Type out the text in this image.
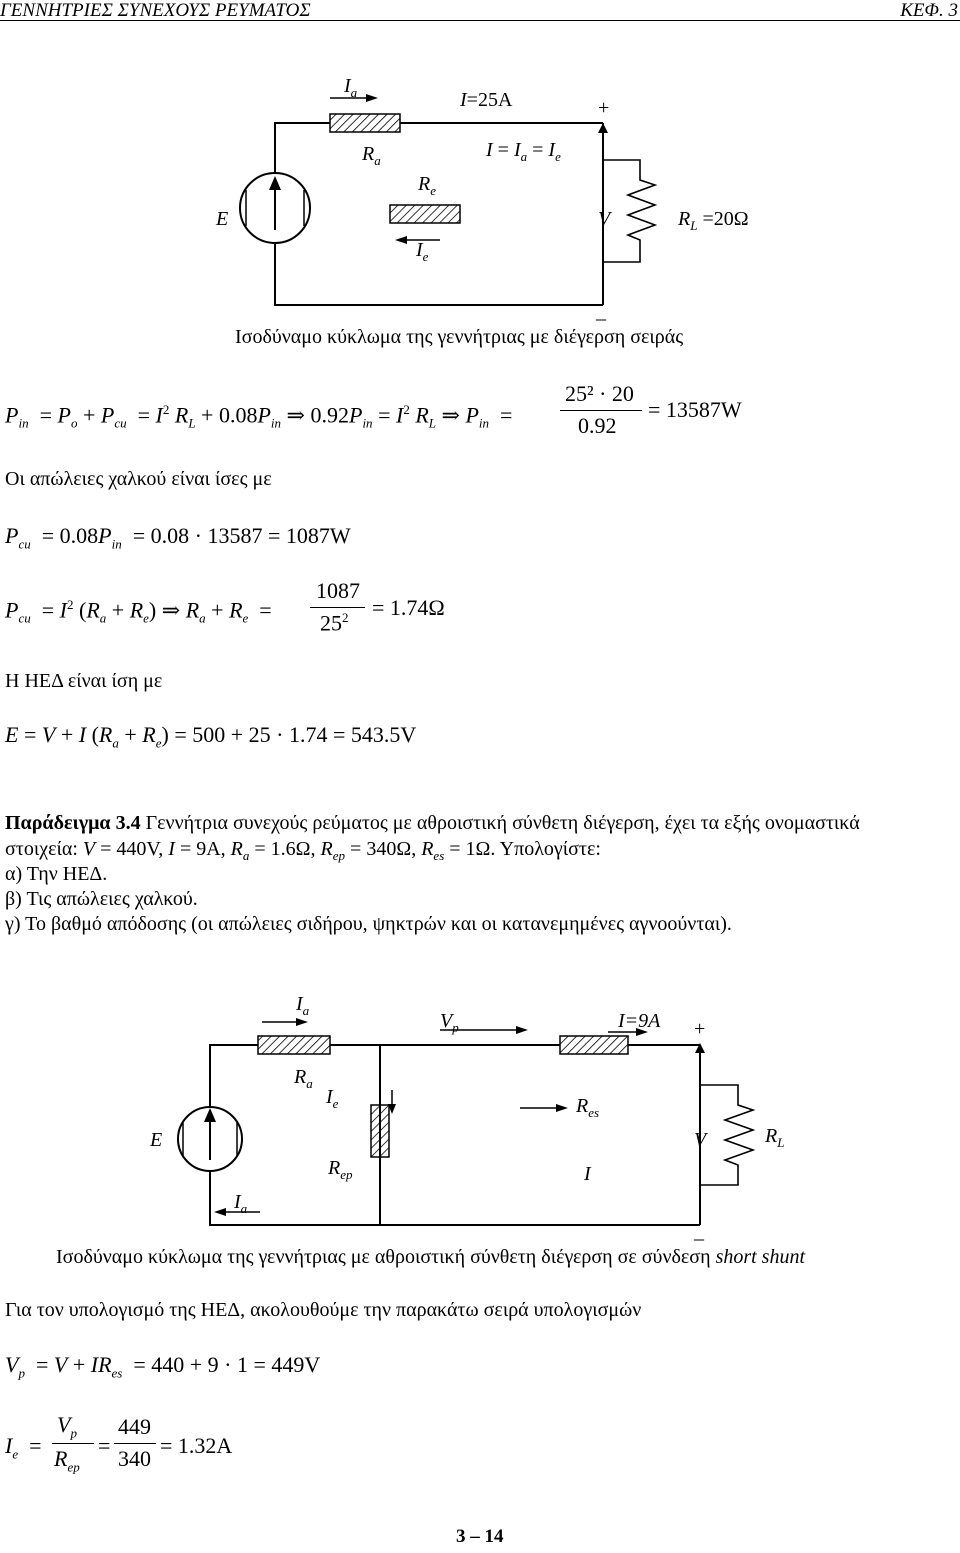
ΓΕΝΝΗΤΡΙΕΣ ΣΥΝΕΧΟΥΣ ΡΕΥΜΑΤΟΣ	ΚΕΦ. 3
$I_a$	I=25A	+
$R_a$	$I = I_a = I_e$
$R_e$
E	V	$R_L =20\Omega$
$I_e$
_
Ισοδύναμο κύκλωμα της γεννήτριας με διέγερση σειράς
$P_{in} = P_o + P_{cu} = I^2$ $R_L + 0.08P_{in}$ ⇒ $0.92P_{in} = I^2$ $R_L$ ⇒ $P_{in}$  =
25² · 20
0.92
= 13587W
Οι απώλειες χαλκού είναι ίσες με
$P_{cu} = 0.08P_{in} = 0.08 \cdot 13587 = 1087W$
$P_{cu} = I^2$ $(R_a + R_e)$ ⇒ $R_a + R_e$  =
1087
$25^2 = 1.74\Omega$
Η ΗΕΔ είναι ίση με
E = V + I $(R_a + R_e) = 500 + 25 \cdot 1.74 = 543.5V$
Παράδειγμα 3.4 Γεννήτρια συνεχούς ρεύματος με αθροιστική σύνθετη διέγερση, έχει τα εξής ονομαστικά
στοιχεία: V = 440V, I = 9A, $R_a = 1.6\Omega$, $R_{ep} = 340\Omega$, $R_{es} = 1\Omega$. Υπολογίστε:
α) Την ΗΕΔ.
β) Τις απώλειες χαλκού.
γ) Το βαθμό απόδοσης (οι απώλειες σιδήρου, ψηκτρών και οι κατανεμημένες αγνοούνται).
$I_a$	$V_p$	I=9A +
$R_a$
$I_e$	$R_{es}$
E	V	$R_L$
$R_{ep}$	I
$I_a$
_
Ισοδύναμο κύκλωμα της γεννήτριας με αθροιστική σύνθετη διέγερση σε σύνδεση short shunt
Για τον υπολογισμό της ΗΕΔ, ακολουθούμε την παρακάτω σειρά υπολογισμών
$V_p = V + IR_{es} = 440 + 9 \cdot 1 = 449V$
$I_e$  =
$V_p$
$R_{ep}$
=
449
340
= 1.32A
3 – 14
